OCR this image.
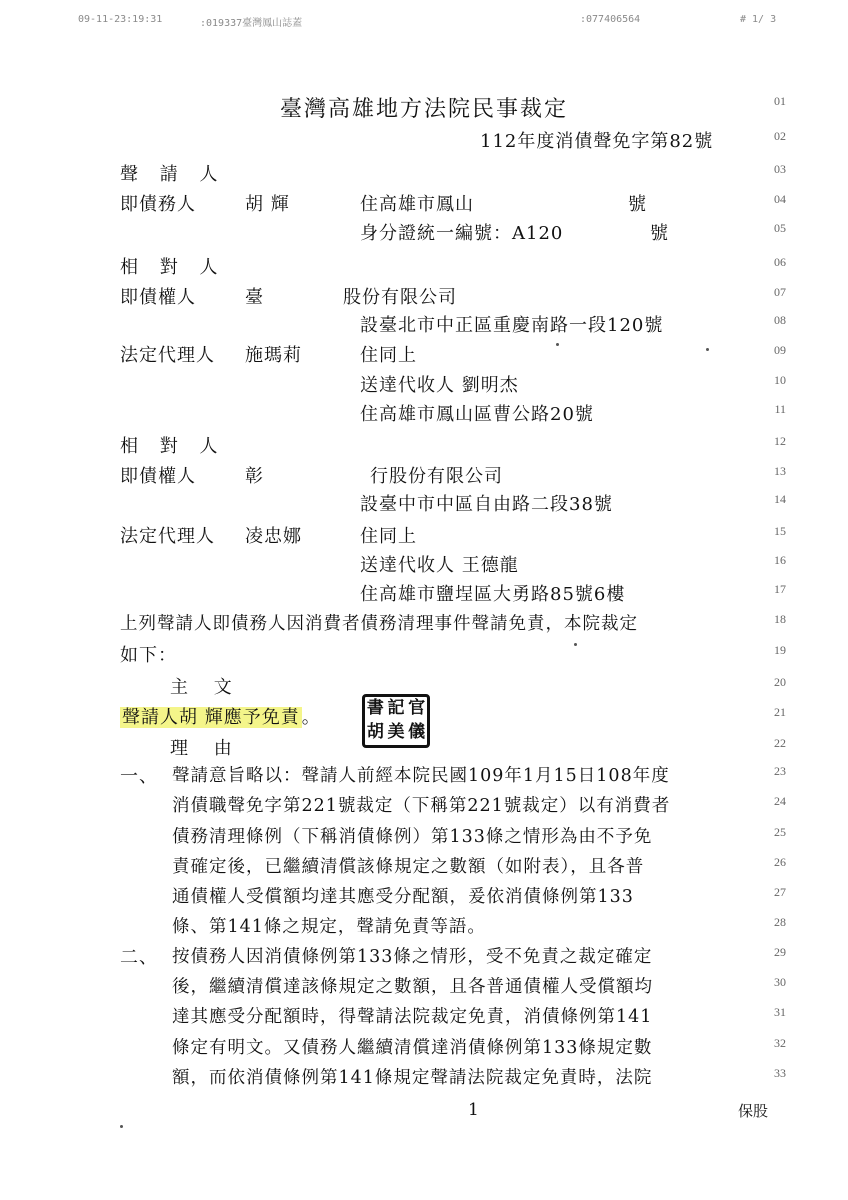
09-11-23:19:31	:019337臺灣鳳山誌蓋	:077406564	# 1/ 3
01
02
03
04
05
06
07
08
09
10
11
12
13
14
15
16
17
18
19
20
21
22
23
24
25
26
27
28
29
30
31
32
33
臺灣高雄地方法院民事裁定
112年度消債聲免字第82號
聲 請 人
即債務人	胡 輝	住高雄市鳳山	號
身分證統一編號：A120	號
相 對 人
即債權人	臺	股份有限公司
設臺北市中正區重慶南路一段120號
法定代理人 施瑪莉	住同上
送達代收人 劉明杰
住高雄市鳳山區曹公路20號
相 對 人
即債權人	彰	行股份有限公司
設臺中市中區自由路二段38號
法定代理人 凌忠娜	住同上
送達代收人 王德龍
住高雄市鹽埕區大勇路85號6樓
上列聲請人即債務人因消費者債務清理事件聲請免責，本院裁定
如下：
主 文
聲請人胡 輝應予免責 。	書 記 官
胡 美 儀
理 由
一、 聲請意旨略以：聲請人前經本院民國109年1月15日108年度
消債職聲免字第221號裁定（下稱第221號裁定）以有消費者
債務清理條例（下稱消債條例）第133條之情形為由不予免
責確定後，已繼續清償該條規定之數額（如附表），且各普
通債權人受償額均達其應受分配額，爰依消債條例第133
條、第141條之規定，聲請免責等語。
二、 按債務人因消債條例第133條之情形，受不免責之裁定確定
後，繼續清償達該條規定之數額，且各普通債權人受償額均
達其應受分配額時，得聲請法院裁定免責，消債條例第141
條定有明文。又債務人繼續清償達消債條例第133條規定數
額，而依消債條例第141條規定聲請法院裁定免責時，法院
1	保股
